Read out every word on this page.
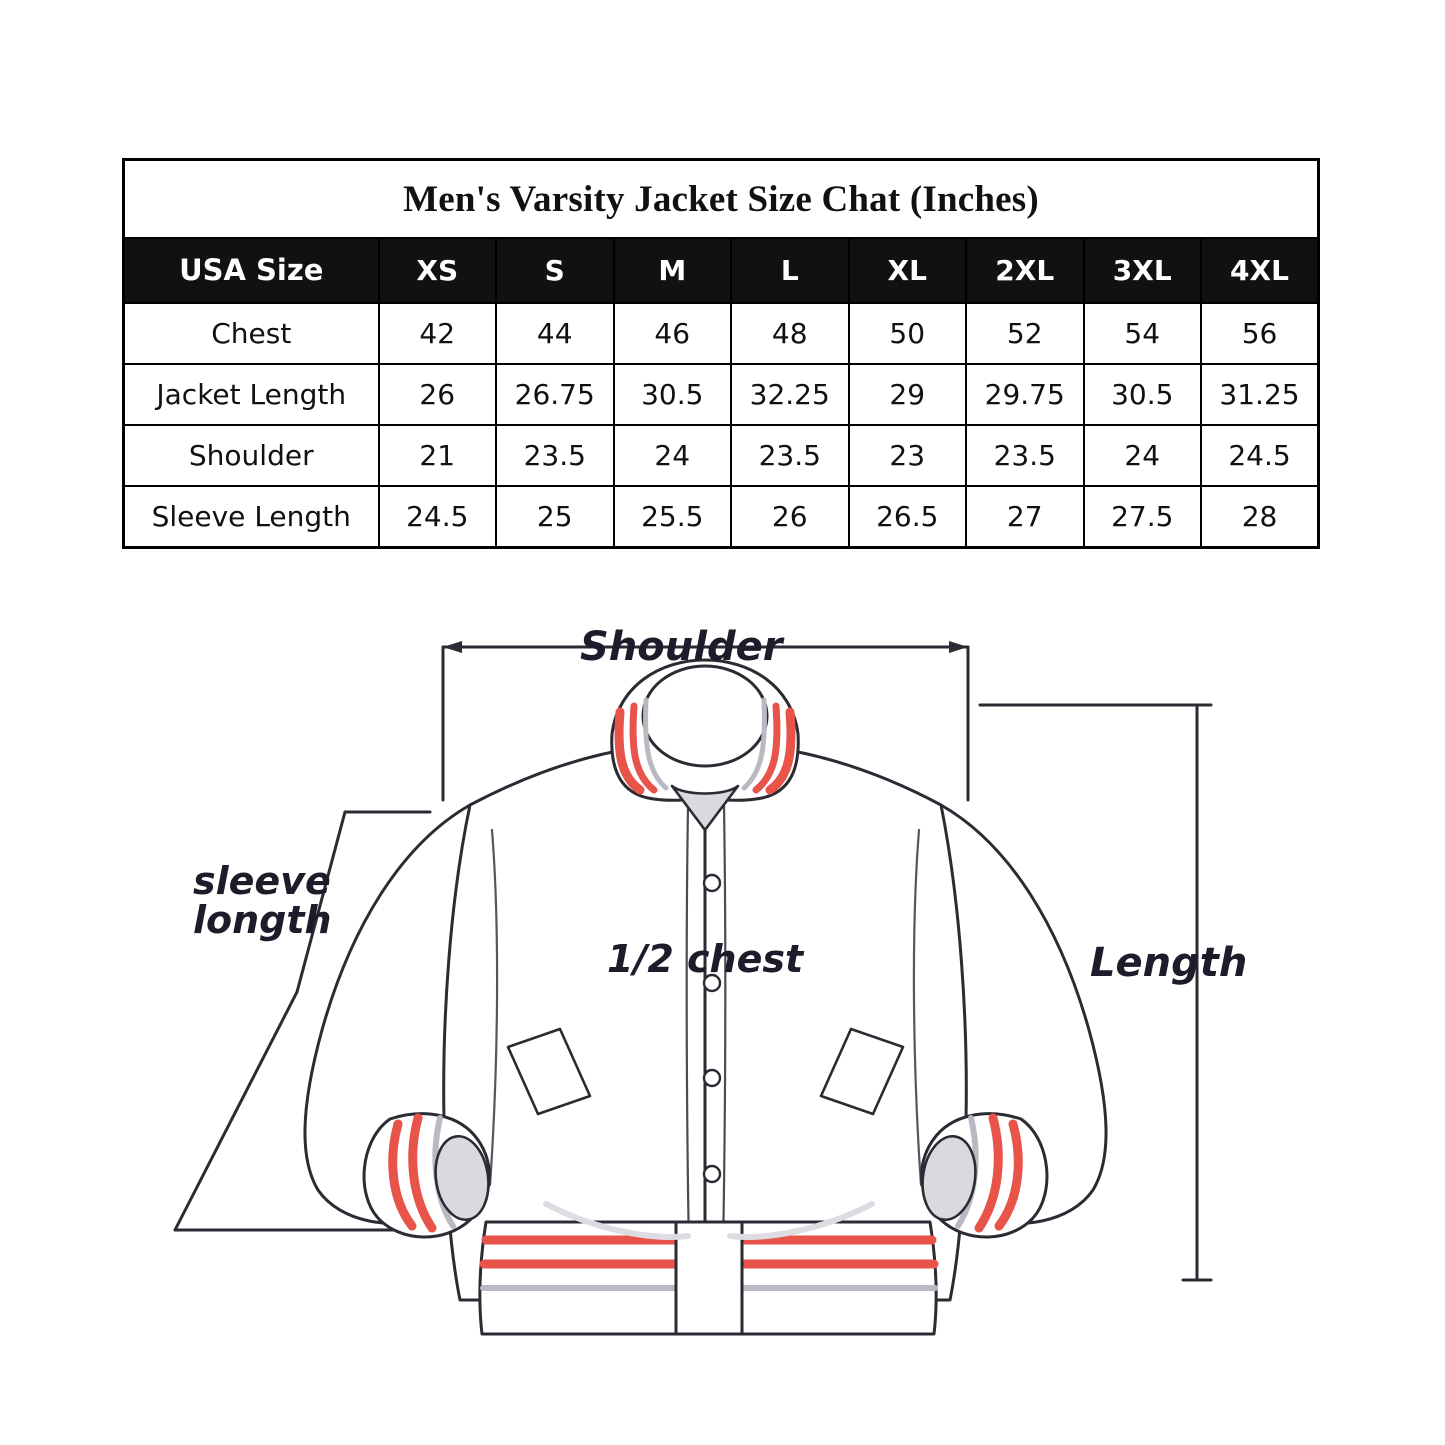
Men's Varsity Jacket Size Chat (Inches)								
USA Size	XS	S	M	L	XL	2XL	3XL	4XL
Chest	42	44	46	48	50	52	54	56
Jacket Length	26	26.75	30.5	32.25	29	29.75	30.5	31.25
Shoulder	21	23.5	24	23.5	23	23.5	24	24.5
Sleeve Length	24.5	25	25.5	26	26.5	27	27.5	28
Shoulder
sleeve
longth
1/2 chest	Length
